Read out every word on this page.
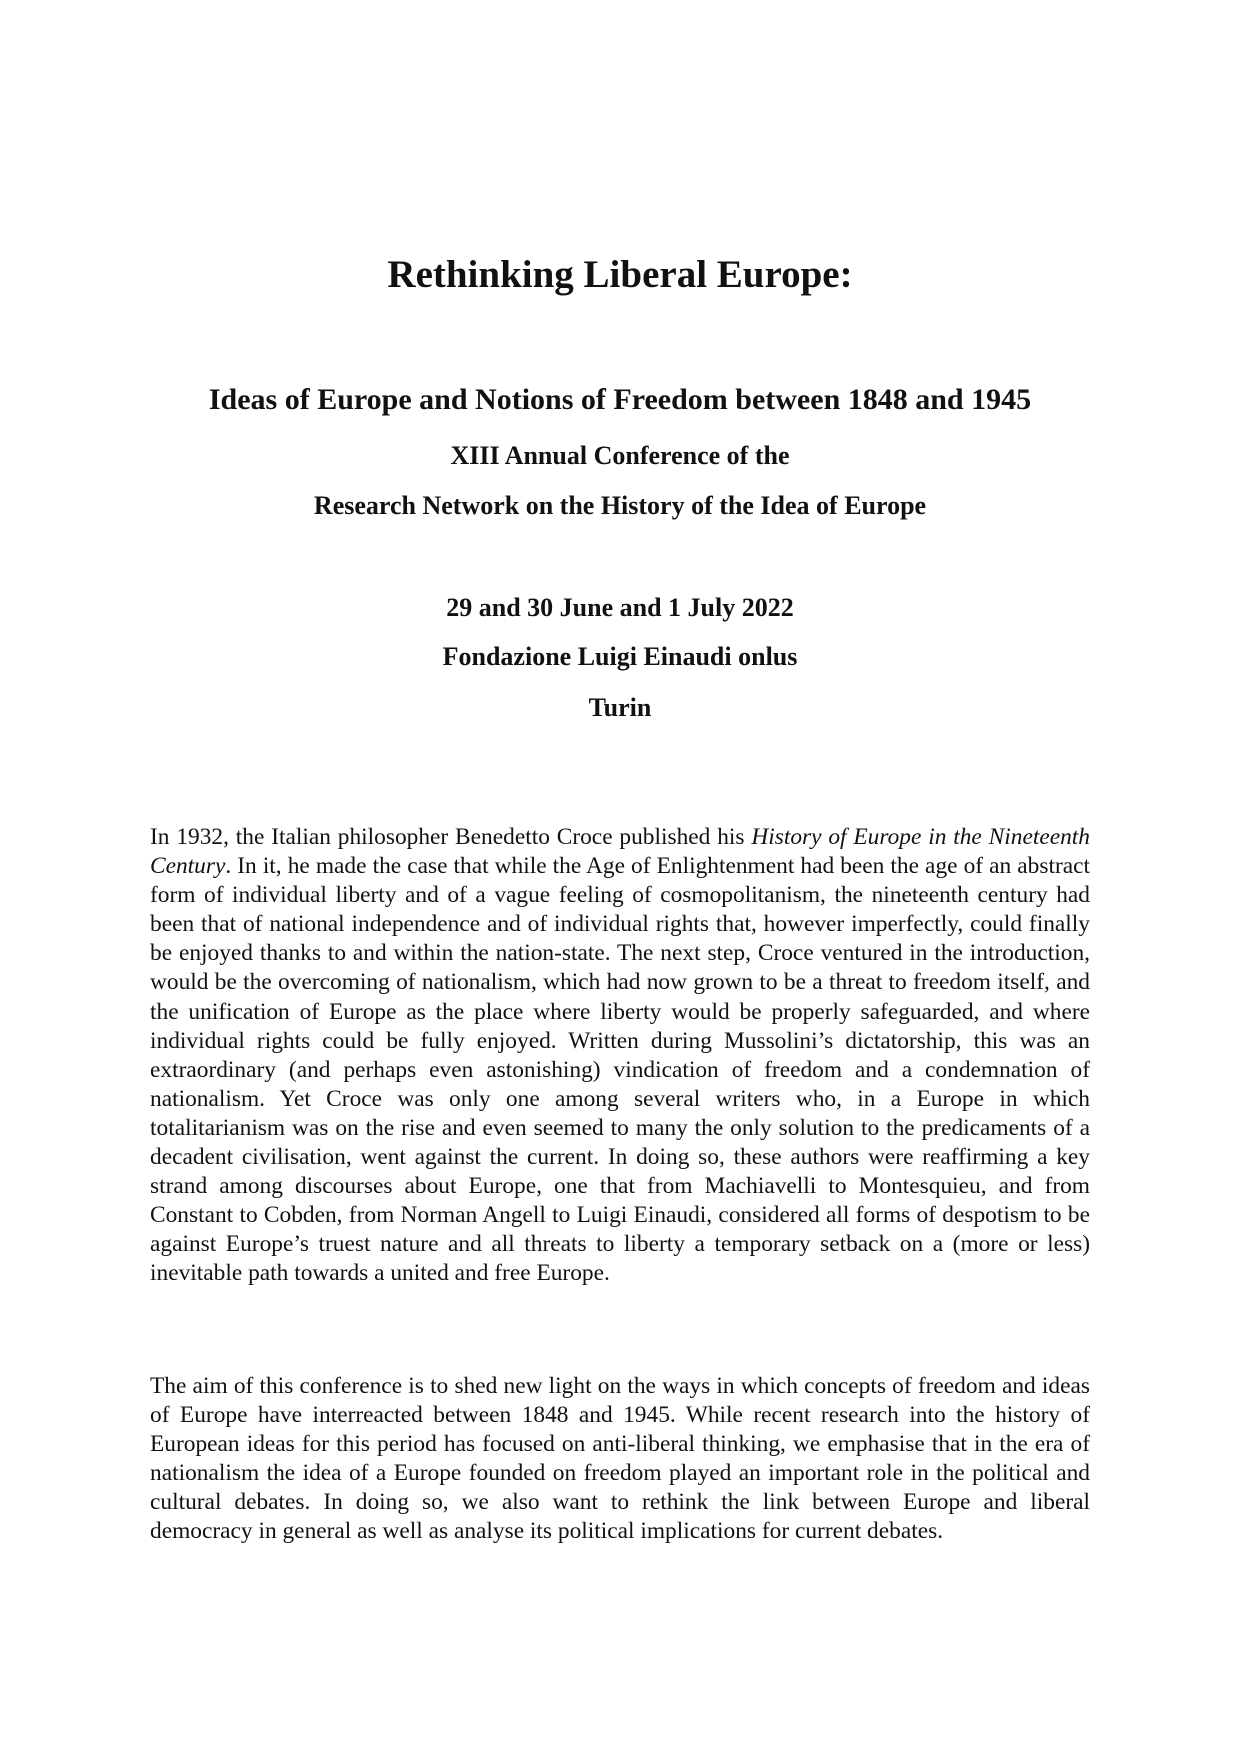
Rethinking Liberal Europe:
Ideas of Europe and Notions of Freedom between 1848 and 1945

XIII Annual Conference of the

Research Network on the History of the Idea of Europe

29 and 30 June and 1 July 2022

Fondazione Luigi Einaudi onlus

Turin

In 1932, the Italian philosopher Benedetto Croce published his History of Europe in the Nineteenth Century. In it, he made the case that while the Age of Enlightenment had been the age of an abstract form of individual liberty and of a vague feeling of cosmopolitanism, the nineteenth century had been that of national independence and of individual rights that, however imperfectly, could finally be enjoyed thanks to and within the nation-state. The next step, Croce ventured in the introduction, would be the overcoming of nationalism, which had now grown to be a threat to freedom itself, and the unification of Europe as the place where liberty would be properly safeguarded, and where individual rights could be fully enjoyed. Written during Mussolini’s dictatorship, this was an extraordinary (and perhaps even astonishing) vindication of freedom and a condemnation of nationalism. Yet Croce was only one among several writers who, in a Europe in which totalitarianism was on the rise and even seemed to many the only solution to the predicaments of a decadent civilisation, went against the current. In doing so, these authors were reaffirming a key strand among discourses about Europe, one that from Machiavelli to Montesquieu, and from Constant to Cobden, from Norman Angell to Luigi Einaudi, considered all forms of despotism to be against Europe’s truest nature and all threats to liberty a temporary setback on a (more or less) inevitable path towards a united and free Europe.

The aim of this conference is to shed new light on the ways in which concepts of freedom and ideas of Europe have interreacted between 1848 and 1945. While recent research into the history of European ideas for this period has focused on anti-liberal thinking, we emphasise that in the era of nationalism the idea of a Europe founded on freedom played an important role in the political and cultural debates. In doing so, we also want to rethink the link between Europe and liberal democracy in general as well as analyse its political implications for current debates.
